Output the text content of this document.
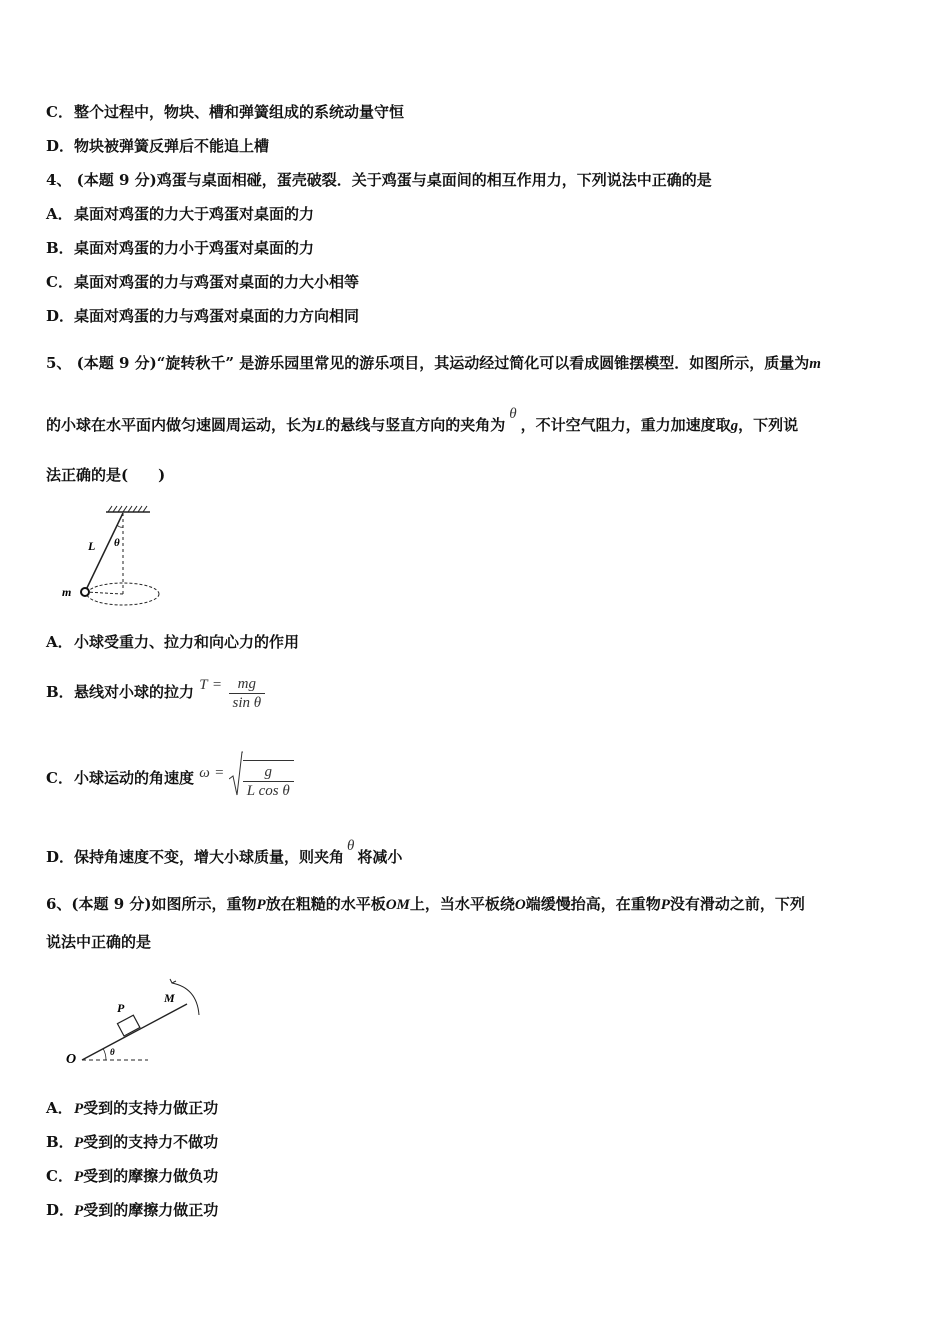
C．整个过程中，物块、槽和弹簧组成的系统动量守恒
D．物块被弹簧反弹后不能追上槽
4、 (本题 9 分)鸡蛋与桌面相碰，蛋壳破裂．关于鸡蛋与桌面间的相互作用力，下列说法中正确的是
A．桌面对鸡蛋的力大于鸡蛋对桌面的力
B．桌面对鸡蛋的力小于鸡蛋对桌面的力
C．桌面对鸡蛋的力与鸡蛋对桌面的力大小相等
D．桌面对鸡蛋的力与鸡蛋对桌面的力方向相同
5、 (本题 9 分)“旋转秋千” 是游乐园里常见的游乐项目，其运动经过简化可以看成圆锥摆模型．如图所示，质量为m
的小球在水平面内做匀速圆周运动，长为L的悬线与竖直方向的夹角为θ，不计空气阻力，重力加速度取g，下列说
法正确的是(　　)
L θ
m
A．小球受重力、拉力和向心力的作用
B．悬线对小球的拉力 $T = \frac{mg}{\text{sin θ}}$
C．小球运动的角速度 $\omega = \frac{g}{\text{L cos θ}}$
D．保持角速度不变，增大小球质量，则夹角θ将减小
6、(本题 9 分)如图所示，重物P放在粗糙的水平板OM上，当水平板绕O端缓慢抬高，在重物P没有滑动之前，下列
说法中正确的是
O
P
M
θ
A．P受到的支持力做正功
B．P受到的支持力不做功
C．P受到的摩擦力做负功
D．P受到的摩擦力做正功
